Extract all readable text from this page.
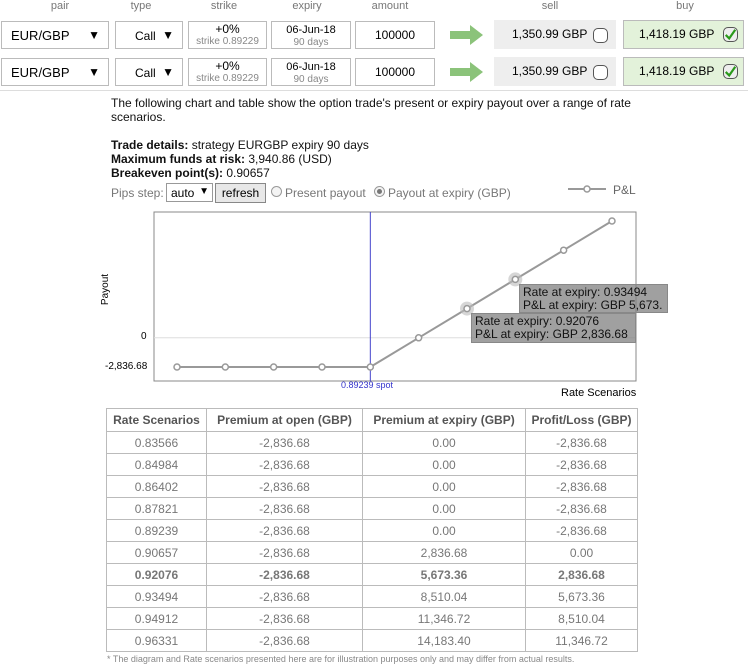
pair	type	strike	expiry	amount	sell	buy
EUR/GBP ▼	Call ▼	+0%
strike 0.89229
06-Jun-18
90 days
100000	1,350.99 GBP	1,418.19 GBP
EUR/GBP ▼	Call ▼	+0%
strike 0.89229
06-Jun-18
90 days
100000	1,350.99 GBP	1,418.19 GBP
The following chart and table show the option trade's present or expiry payout over a range of rate scenarios.
Trade details: strategy EURGBP expiry 90 days
Maximum funds at risk: 3,940.86 (USD)
Breakeven point(s): 0.90657
Pips step: auto ▼	refresh	Present payout Payout at expiry (GBP)	P&L
Payout
0
-2,836.68
0.89239 spot
Rate Scenarios
Rate at expiry: 0.93494
P&L at expiry: GBP 5,673.
Rate at expiry: 0.92076
P&L at expiry: GBP 2,836.68
Rate Scenarios	Premium at open (GBP)	Premium at expiry (GBP)	Profit/Loss (GBP)
0.83566	-2,836.68	0.00	-2,836.68
0.84984	-2,836.68	0.00	-2,836.68
0.86402	-2,836.68	0.00	-2,836.68
0.87821	-2,836.68	0.00	-2,836.68
0.89239	-2,836.68	0.00	-2,836.68
0.90657	-2,836.68	2,836.68	0.00
0.92076	-2,836.68	5,673.36	2,836.68
0.93494	-2,836.68	8,510.04	5,673.36
0.94912	-2,836.68	11,346.72	8,510.04
0.96331	-2,836.68	14,183.40	11,346.72
* The diagram and Rate scenarios presented here are for illustration purposes only and may differ from actual results.
